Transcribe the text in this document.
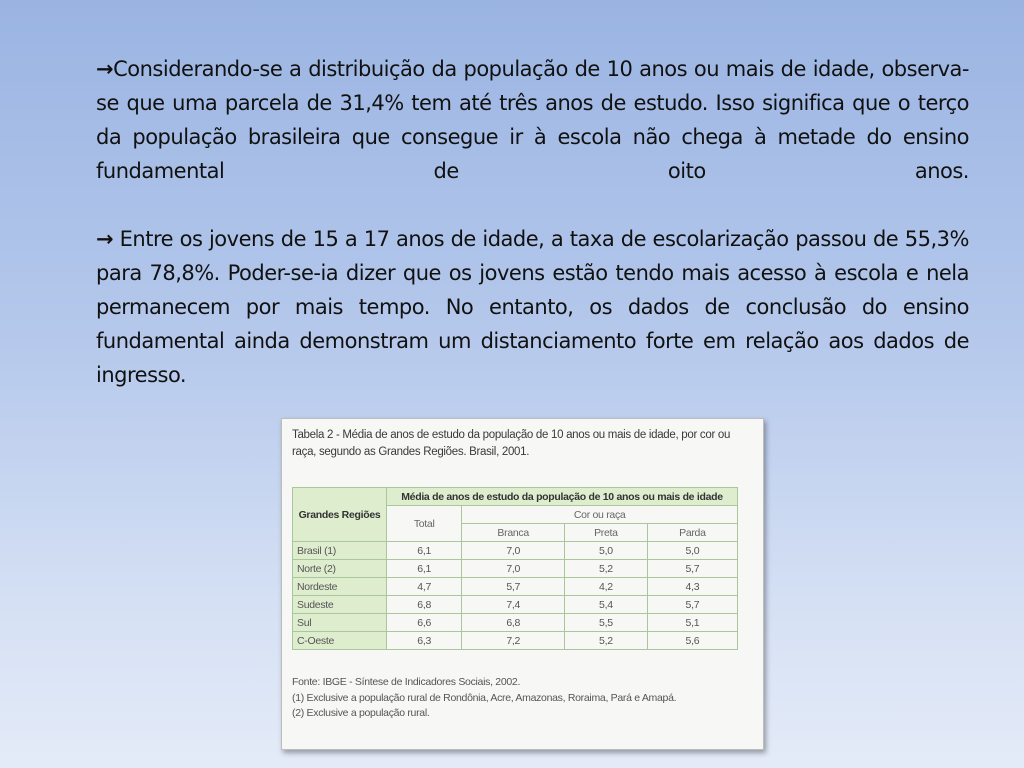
→Considerando-se a distribuição da população de 10 anos ou mais de idade, observa-se que uma parcela de 31,4% tem até três anos de estudo. Isso significa que o terço da população brasileira que consegue ir à escola não chega à metade do ensino fundamental de oito anos.
→ Entre os jovens de 15 a 17 anos de idade, a taxa de escolarização passou de 55,3% para 78,8%. Poder-se-ia dizer que os jovens estão tendo mais acesso à escola e nela permanecem por mais tempo. No entanto, os dados de conclusão do ensino fundamental ainda demonstram um distanciamento forte em relação aos dados de ingresso.
Tabela 2 - Média de anos de estudo da população de 10 anos ou mais de idade, por cor ou raça, segundo as Grandes Regiões. Brasil, 2001.
Grandes Regiões	Média de anos de estudo da população de 10 anos ou mais de idade			
	Total	Cor ou raça		
		Branca	Preta	Parda
Brasil (1)	6,1	7,0	5,0	5,0
Norte (2)	6,1	7,0	5,2	5,7
Nordeste	4,7	5,7	4,2	4,3
Sudeste	6,8	7,4	5,4	5,7
Sul	6,6	6,8	5,5	5,1
C-Oeste	6,3	7,2	5,2	5,6
Fonte: IBGE - Síntese de Indicadores Sociais, 2002.
(1) Exclusive a população rural de Rondônia, Acre, Amazonas, Roraima, Pará e Amapá.
(2) Exclusive a população rural.
